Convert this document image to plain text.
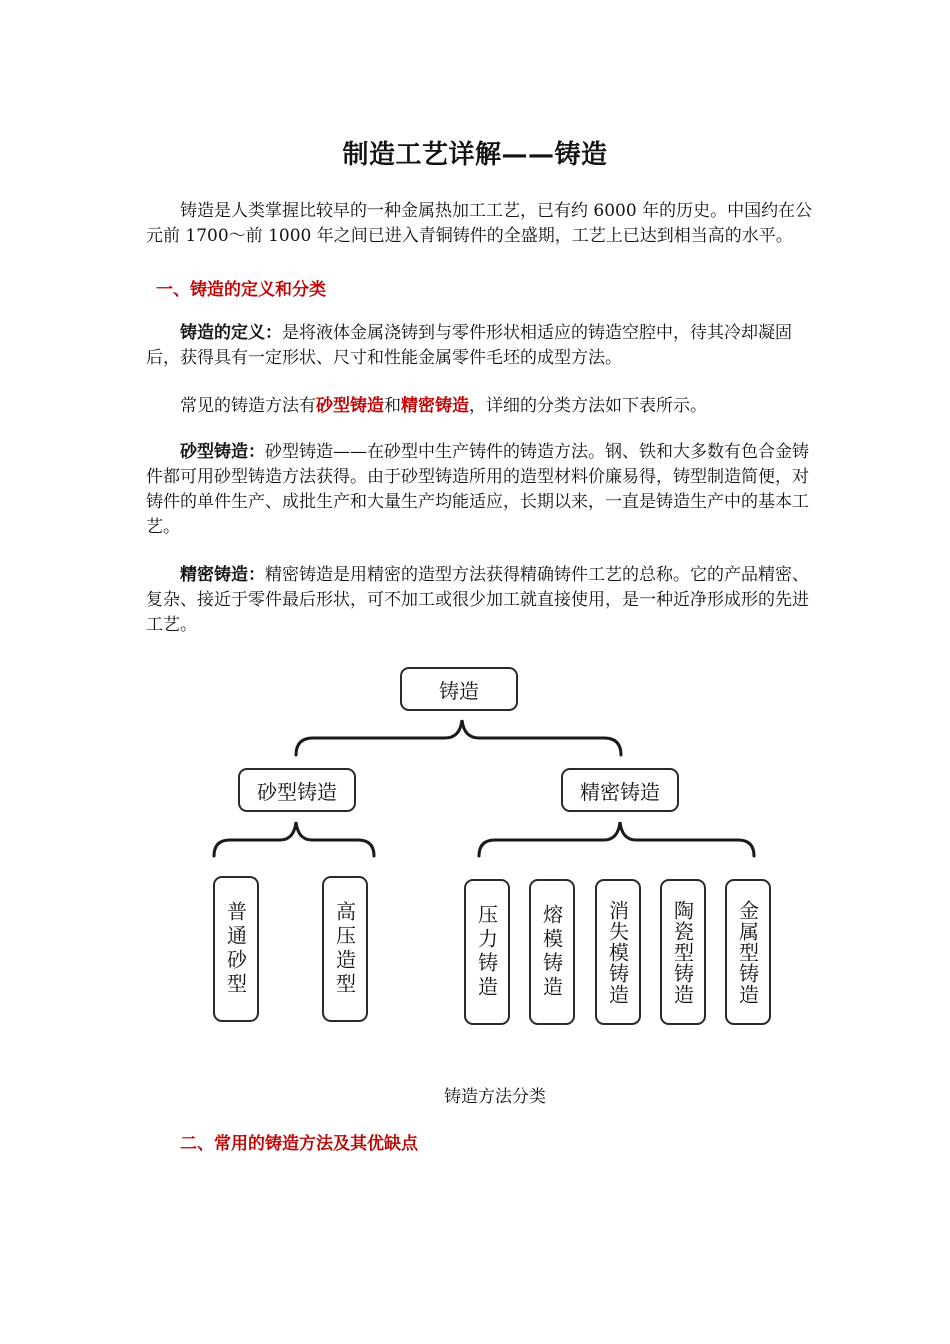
制造工艺详解——铸造

铸造是人类掌握比较早的一种金属热加工工艺，已有约 6000 年的历史。中国约在公元前 1700～前 1000 年之间已进入青铜铸件的全盛期，工艺上已达到相当高的水平。

一、铸造的定义和分类

铸造的定义：是将液体金属浇铸到与零件形状相适应的铸造空腔中，待其冷却凝固后，获得具有一定形状、尺寸和性能金属零件毛坯的成型方法。

常见的铸造方法有砂型铸造和精密铸造，详细的分类方法如下表所示。

砂型铸造：砂型铸造——在砂型中生产铸件的铸造方法。钢、铁和大多数有色合金铸件都可用砂型铸造方法获得。由于砂型铸造所用的造型材料价廉易得，铸型制造简便，对铸件的单件生产、成批生产和大量生产均能适应，长期以来，一直是铸造生产中的基本工艺。

精密铸造：精密铸造是用精密的造型方法获得精确铸件工艺的总称。它的产品精密、复杂、接近于零件最后形状，可不加工或很少加工就直接使用，是一种近净形成形的先进工艺。

铸造
砂型铸造	精密铸造
普通砂型	高压造型	压力铸造	熔模铸造	消失模铸造	陶瓷型铸造	金属型铸造
铸造方法分类
二、常用的铸造方法及其优缺点
